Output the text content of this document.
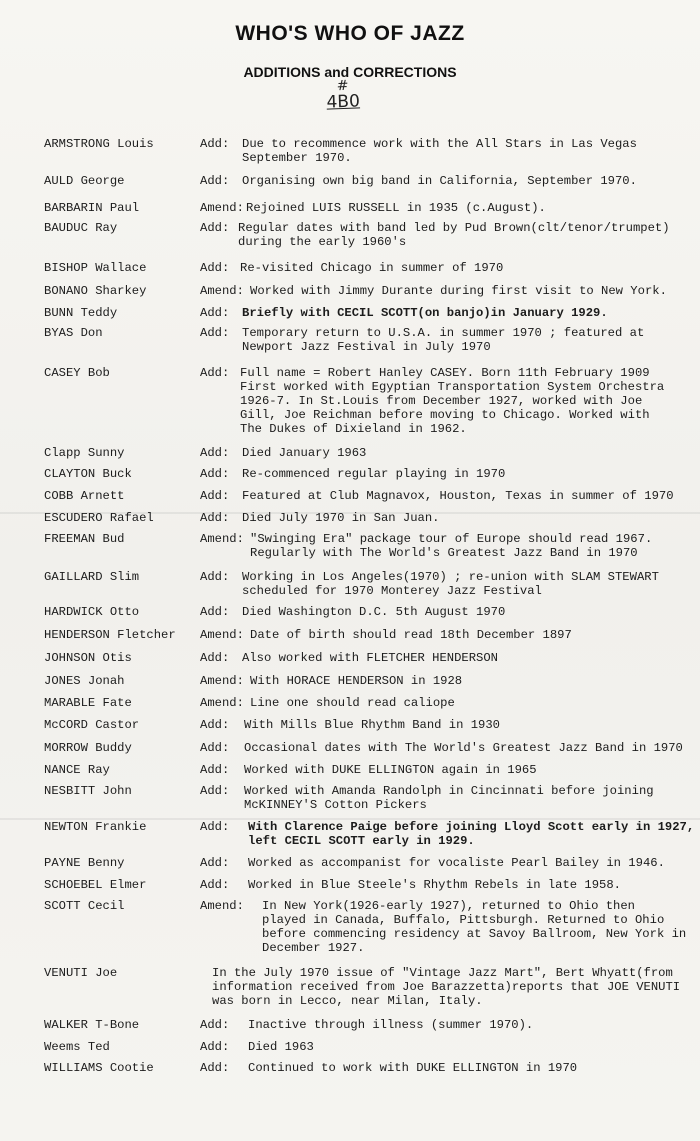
WHO'S WHO OF JAZZ
ADDITIONS and CORRECTIONS
#
4B0
ARMSTRONG Louis	Add: Due to recommence work with the All Stars in Las Vegas
September 1970.
AULD George	Add: Organising own big band in California, September 1970.
BARBARIN Paul	Amend: Rejoined LUIS RUSSELL in 1935 (c.August).
BAUDUC Ray	Add: Regular dates with band led by Pud Brown(clt/tenor/trumpet)
during the early 1960's
BISHOP Wallace	Add: Re-visited Chicago in summer of 1970
BONANO Sharkey	Amend: Worked with Jimmy Durante during first visit to New York.
BUNN Teddy	Add: Briefly with CECIL SCOTT(on banjo)in January 1929.
BYAS Don	Add: Temporary return to U.S.A. in summer 1970 ; featured at
Newport Jazz Festival in July 1970
CASEY Bob	Add: Full name = Robert Hanley CASEY. Born 11th February 1909
First worked with Egyptian Transportation System Orchestra
1926-7. In St.Louis from December 1927, worked with Joe
Gill, Joe Reichman before moving to Chicago. Worked with
The Dukes of Dixieland in 1962.
Clapp Sunny	Add: Died January 1963
CLAYTON Buck	Add: Re-commenced regular playing in 1970
COBB Arnett	Add: Featured at Club Magnavox, Houston, Texas in summer of 1970
ESCUDERO Rafael	Add: Died July 1970 in San Juan.
FREEMAN Bud	Amend: "Swinging Era" package tour of Europe should read 1967.
Regularly with The World's Greatest Jazz Band in 1970
GAILLARD Slim	Add: Working in Los Angeles(1970) ; re-union with SLAM STEWART
scheduled for 1970 Monterey Jazz Festival
HARDWICK Otto	Add: Died Washington D.C. 5th August 1970
HENDERSON Fletcher	Amend: Date of birth should read 18th December 1897
JOHNSON Otis	Add: Also worked with FLETCHER HENDERSON
JONES Jonah	Amend: With HORACE HENDERSON in 1928
MARABLE Fate	Amend: Line one should read caliope
McCORD Castor	Add: With Mills Blue Rhythm Band in 1930
MORROW Buddy	Add: Occasional dates with The World's Greatest Jazz Band in 1970
NANCE Ray	Add: Worked with DUKE ELLINGTON again in 1965
NESBITT John	Add: Worked with Amanda Randolph in Cincinnati before joining
McKINNEY'S Cotton Pickers
NEWTON Frankie	Add: With Clarence Paige before joining Lloyd Scott early in 1927,
left CECIL SCOTT early in 1929.
PAYNE Benny	Add: Worked as accompanist for vocaliste Pearl Bailey in 1946.
SCHOEBEL Elmer	Add: Worked in Blue Steele's Rhythm Rebels in late 1958.
SCOTT Cecil	Amend: In New York(1926-early 1927), returned to Ohio then
played in Canada, Buffalo, Pittsburgh. Returned to Ohio
before commencing residency at Savoy Ballroom, New York in
December 1927.
VENUTI Joe	In the July 1970 issue of "Vintage Jazz Mart", Bert Whyatt(from
information received from Joe Barazzetta)reports that JOE VENUTI
was born in Lecco, near Milan, Italy.
WALKER T-Bone	Add: Inactive through illness (summer 1970).
Weems Ted	Add: Died 1963
WILLIAMS Cootie	Add: Continued to work with DUKE ELLINGTON in 1970
